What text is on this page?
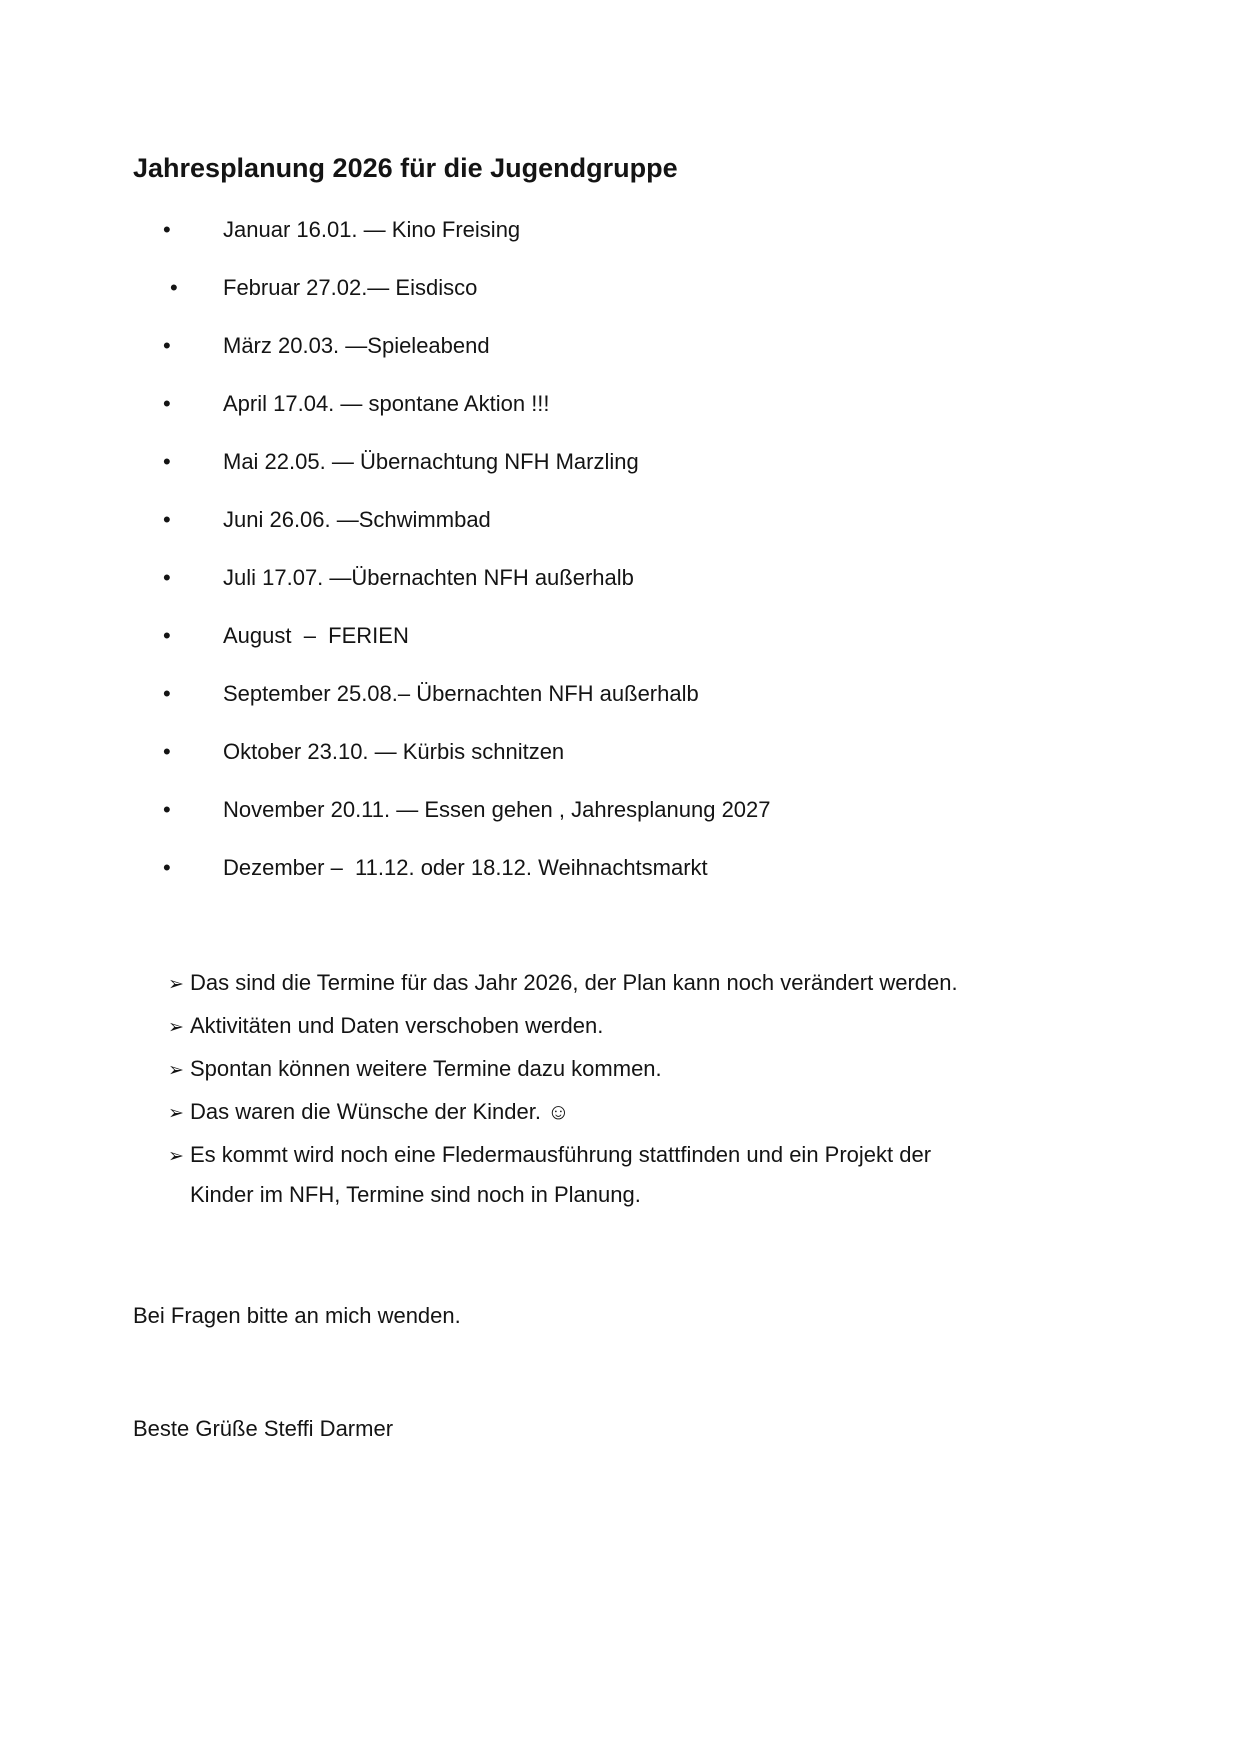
Jahresplanung 2026 für die Jugendgruppe
•	Januar 16.01. — Kino Freising
•	Februar 27.02.— Eisdisco
•	März 20.03. —Spieleabend
•	April 17.04. — spontane Aktion !!!
•	Mai 22.05. — Übernachtung NFH Marzling
•	Juni 26.06. —Schwimmbad
•	Juli 17.07. —Übernachten NFH außerhalb
•	August  –  FERIEN
•	September 25.08.– Übernachten NFH außerhalb
•	Oktober 23.10. — Kürbis schnitzen
•	November 20.11. — Essen gehen , Jahresplanung 2027
•	Dezember –  11.12. oder 18.12. Weihnachtsmarkt
➢ Das sind die Termine für das Jahr 2026, der Plan kann noch verändert werden.
➢ Aktivitäten und Daten verschoben werden.
➢ Spontan können weitere Termine dazu kommen.
➢ Das waren die Wünsche der Kinder. ☺
➢ Es kommt wird noch eine Fledermausführung stattfinden und ein Projekt der Kinder im NFH, Termine sind noch in Planung.

Bei Fragen bitte an mich wenden.

Beste Grüße Steffi Darmer
